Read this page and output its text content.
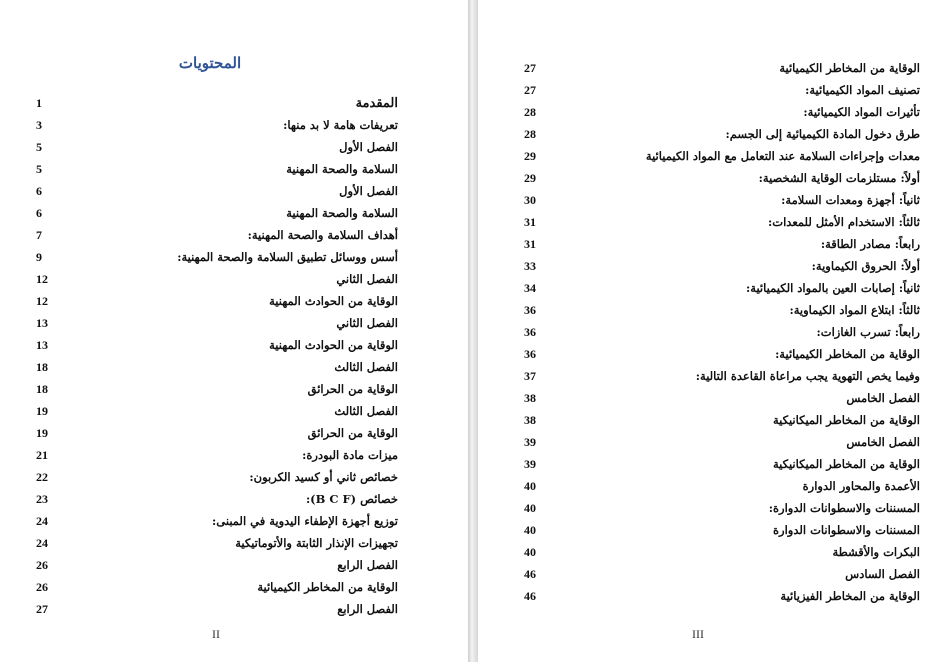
المحتويات
المقدمة
1
تعريفات هامة لا بد منها:
3
الفصل الأول
5
السلامة والصحة المهنية
5
الفصل الأول
6
السلامة والصحة المهنية
6
أهداف السلامة والصحة المهنية:
7
أسس ووسائل تطبيق السلامة والصحة المهنية:
9
الفصل الثاني
12
الوقاية من الحوادث المهنية
12
الفصل الثاني
13
الوقاية من الحوادث المهنية
13
الفصل الثالث
18
الوقاية من الحرائق
18
الفصل الثالث
19
الوقاية من الحرائق
19
ميزات مادة البودرة:
21
خصائص ثاني أو كسيد الكربون:
22
خصائص (B C F):
23
توزيع أجهزة الإطفاء اليدوية في المبنى:
24
تجهيزات الإنذار الثابتة والأتوماتيكية
24
الفصل الرابع
26
الوقاية من المخاطر الكيميائية
26
الفصل الرابع
27
II
الوقاية من المخاطر الكيميائية
27
تصنيف المواد الكيميائية:
27
تأثيرات المواد الكيميائية:
28
طرق دخول المادة الكيميائية إلى الجسم:
28
معدات وإجراءات السلامة عند التعامل مع المواد الكيميائية
29
أولاً: مستلزمات الوقاية الشخصية:
29
ثانياً: أجهزة ومعدات السلامة:
30
ثالثاً: الاستخدام الأمثل للمعدات:
31
رابعاً: مصادر الطاقة:
31
أولاً: الحروق الكيماوية:
33
ثانياً: إصابات العين بالمواد الكيميائية:
34
ثالثاً: ابتلاع المواد الكيماوية:
36
رابعاً: تسرب الغازات:
36
الوقاية من المخاطر الكيميائية:
36
وفيما يخص التهوية يجب مراعاة القاعدة التالية:
37
الفصل الخامس
38
الوقاية من المخاطر الميكانيكية
38
الفصل الخامس
39
الوقاية من المخاطر الميكانيكية
39
الأعمدة والمحاور الدوارة
40
المسننات والاسطوانات الدوارة:
40
المسننات والاسطوانات الدوارة
40
البكرات والأقشطة
40
الفصل السادس
46
الوقاية من المخاطر الفيزيائية
46
III
